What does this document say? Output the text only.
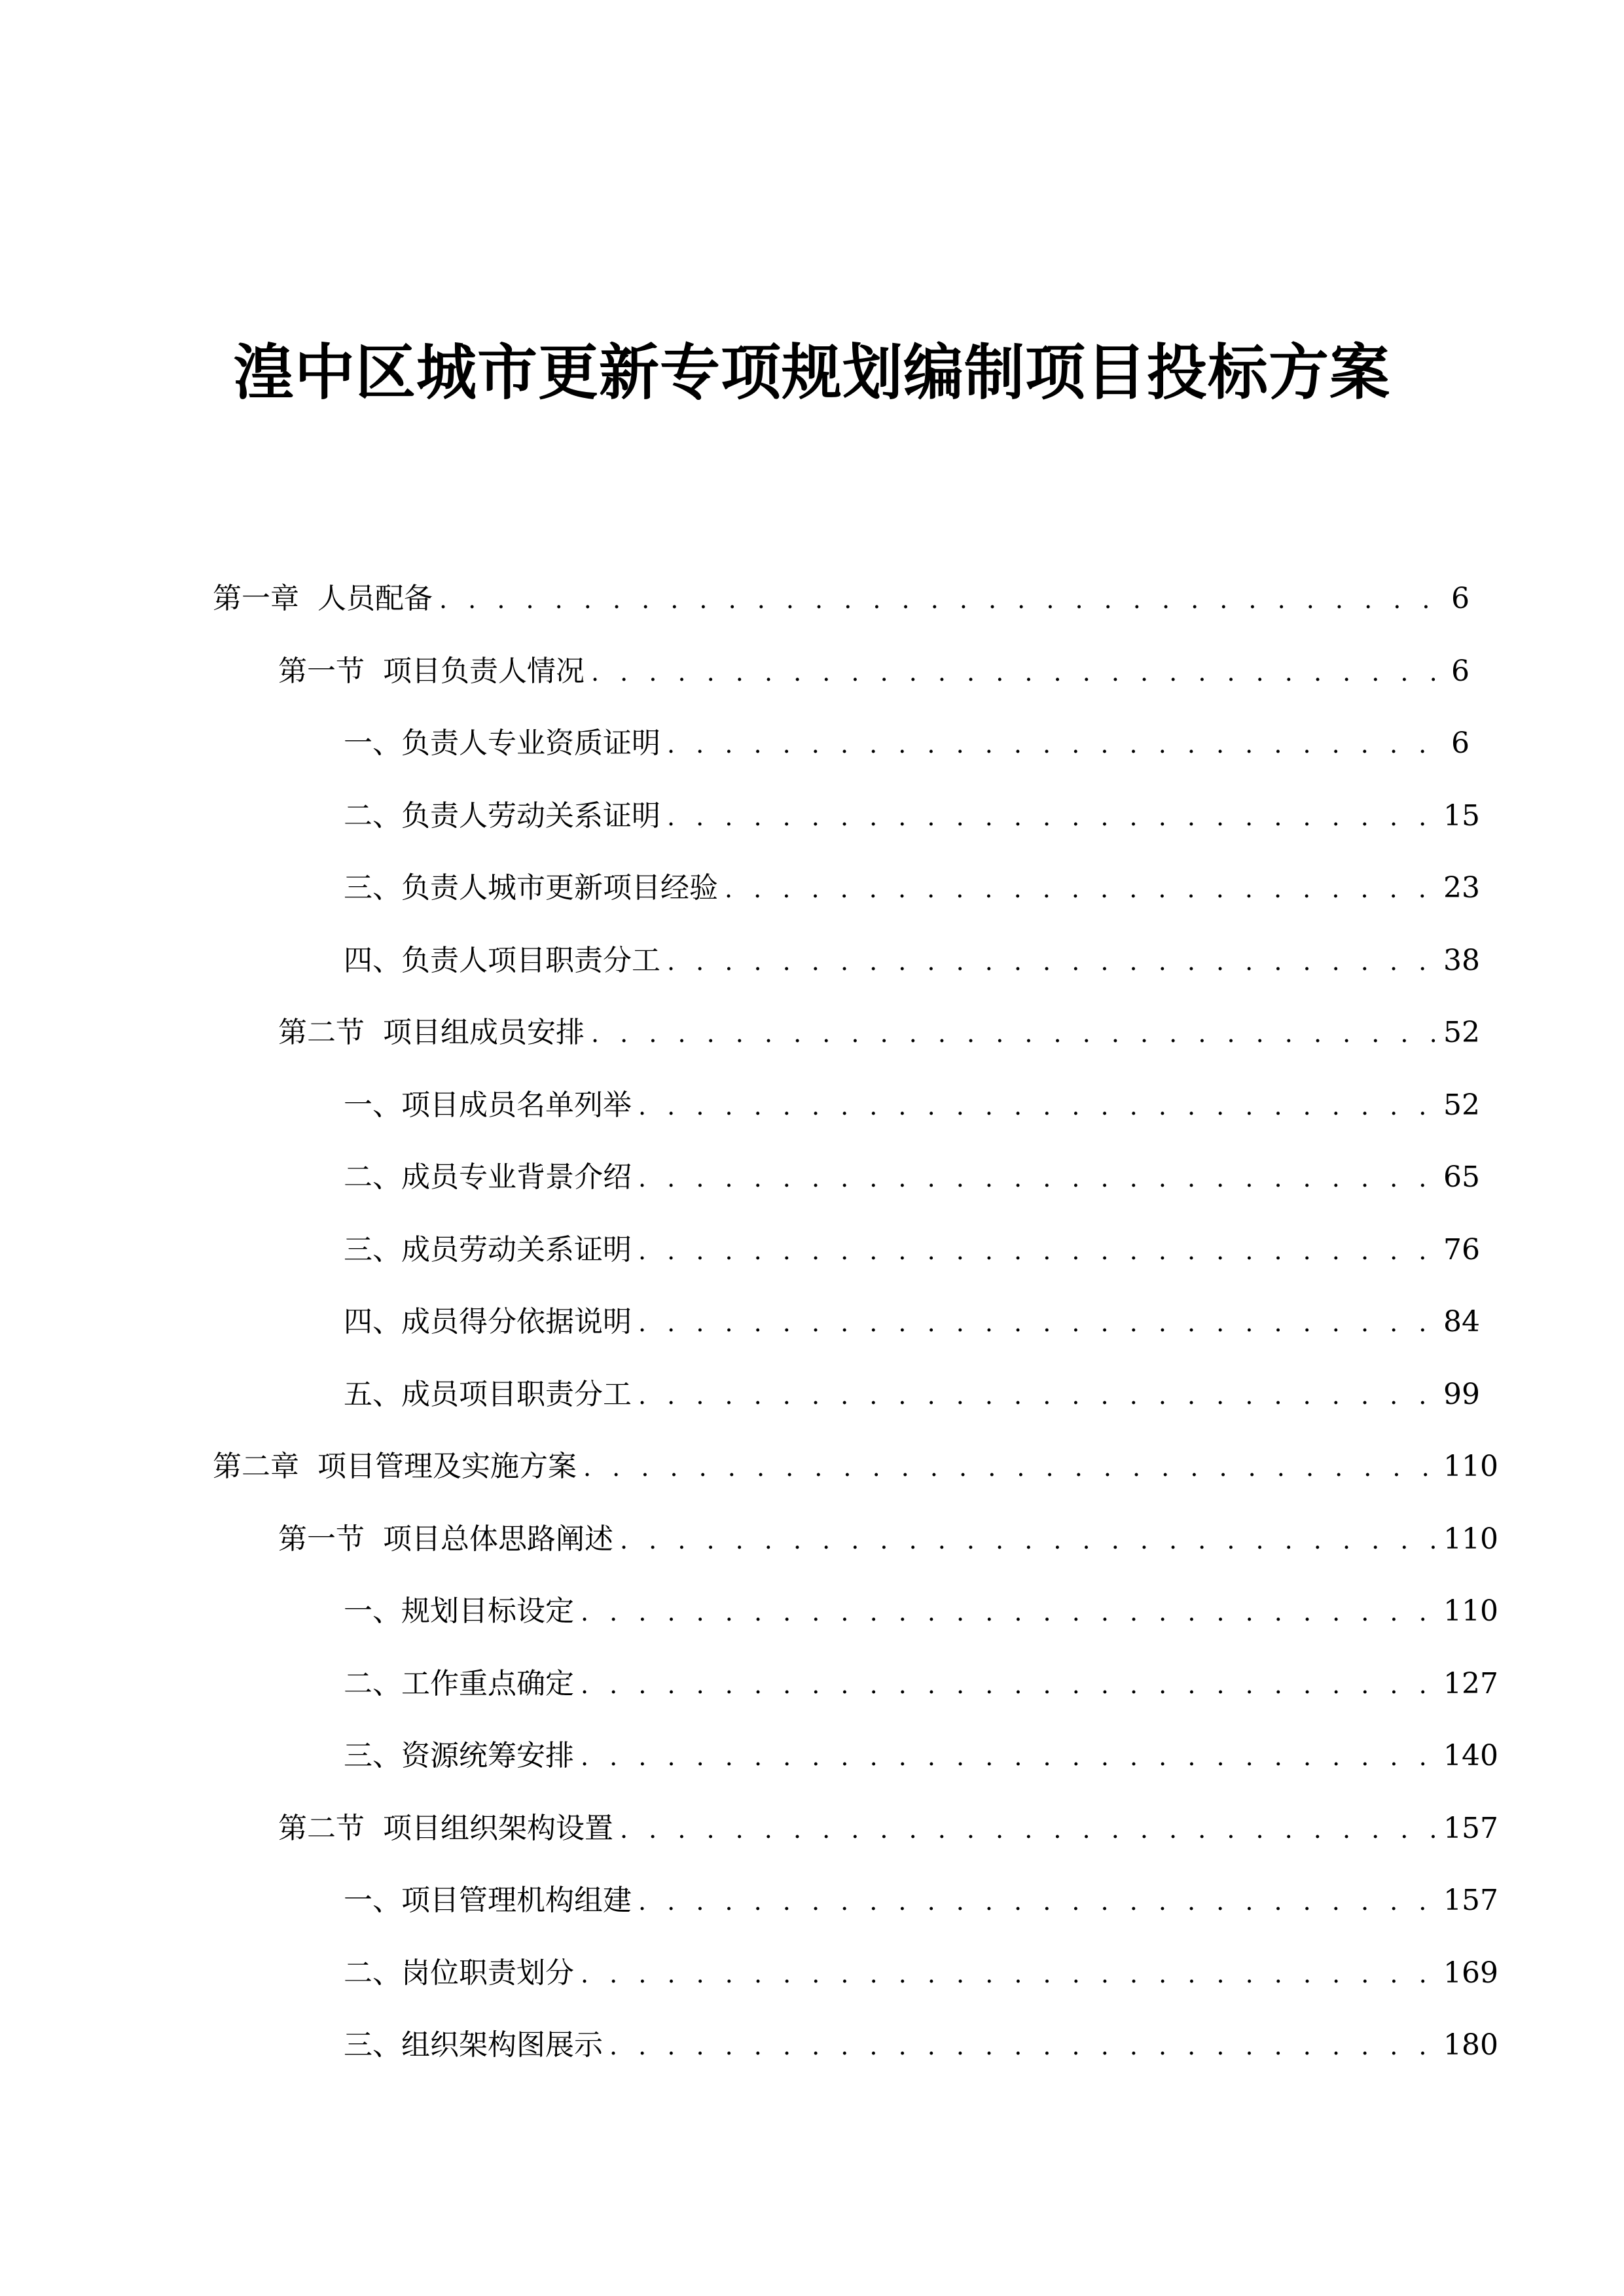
湟中区城市更新专项规划编制项目投标方案
第一章 人员配备 . . .	6
第一节 项目负责人情况 . . .	6
一、 负责人专业资质证明 . . .	6
二、 负责人劳动关系证明 . . .	15
三、 负责人城市更新项目经验 . . .	23
四、 负责人项目职责分工 . . .	38
第二节 项目组成员安排 . . .	52
一、 项目成员名单列举 . . .	52
二、 成员专业背景介绍 . . .	65
三、 成员劳动关系证明 . . .	76
四、 成员得分依据说明 . . .	84
五、 成员项目职责分工 . . .	99
第二章 项目管理及实施方案 . . .	110
第一节 项目总体思路阐述 . . .	110
一、 规划目标设定 . . .	110
二、 工作重点确定 . . .	127
三、 资源统筹安排 . . .	140
第二节 项目组织架构设置 . . .	157
一、 项目管理机构组建 . . .	157
二、 岗位职责划分 . . .	169
三、 组织架构图展示 . . .	180
